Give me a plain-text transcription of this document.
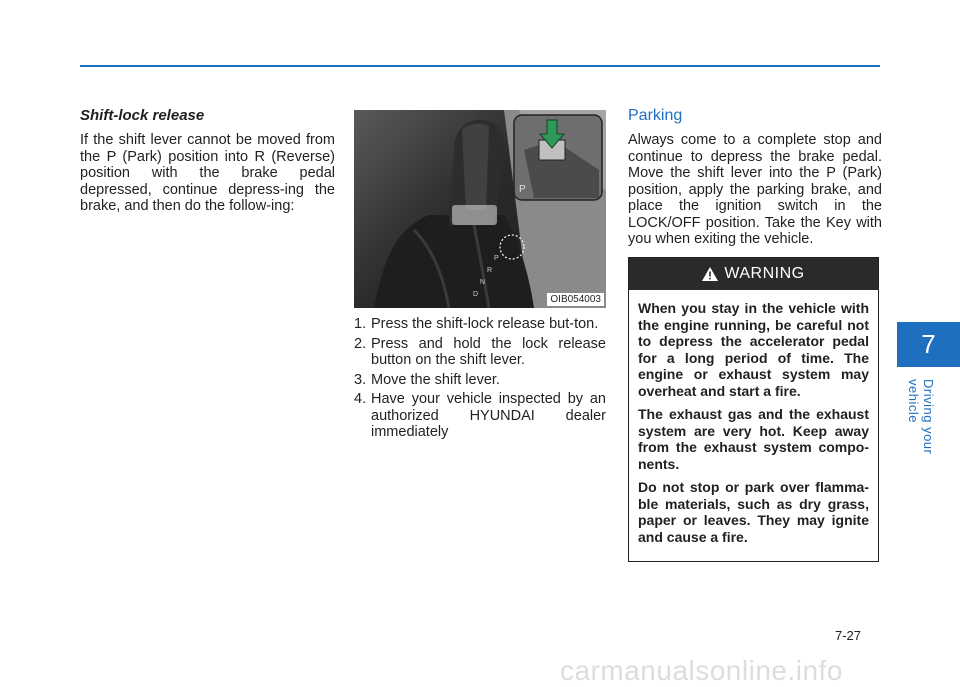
Shift-lock release

If the shift lever cannot be moved from the P (Park) position into R (Reverse) position with the brake pedal depressed, continue depress-ing the brake, and then do the follow-ing:

P
R
N
D
P
OIB054003
1. Press the shift-lock release but-ton.
2. Press and hold the lock release button on the shift lever.
3. Move the shift lever.
4. Have your vehicle inspected by an authorized HYUNDAI dealer immediately
Parking

Always come to a complete stop and continue to depress the brake pedal. Move the shift lever into the P (Park) position, apply the parking brake, and place the ignition switch in the LOCK/OFF position. Take the Key with you when exiting the vehicle.

WARNING

When you stay in the vehicle with the engine running, be careful not to depress the accelerator pedal for a long period of time. The engine or exhaust system may overheat and start a fire.

The exhaust gas and the exhaust system are very hot. Keep away from the exhaust system compo-nents.

Do not stop or park over flamma-ble materials, such as dry grass, paper or leaves. They may ignite and cause a fire.

7
Driving your vehicle
7-27
carmanualsonline.info
